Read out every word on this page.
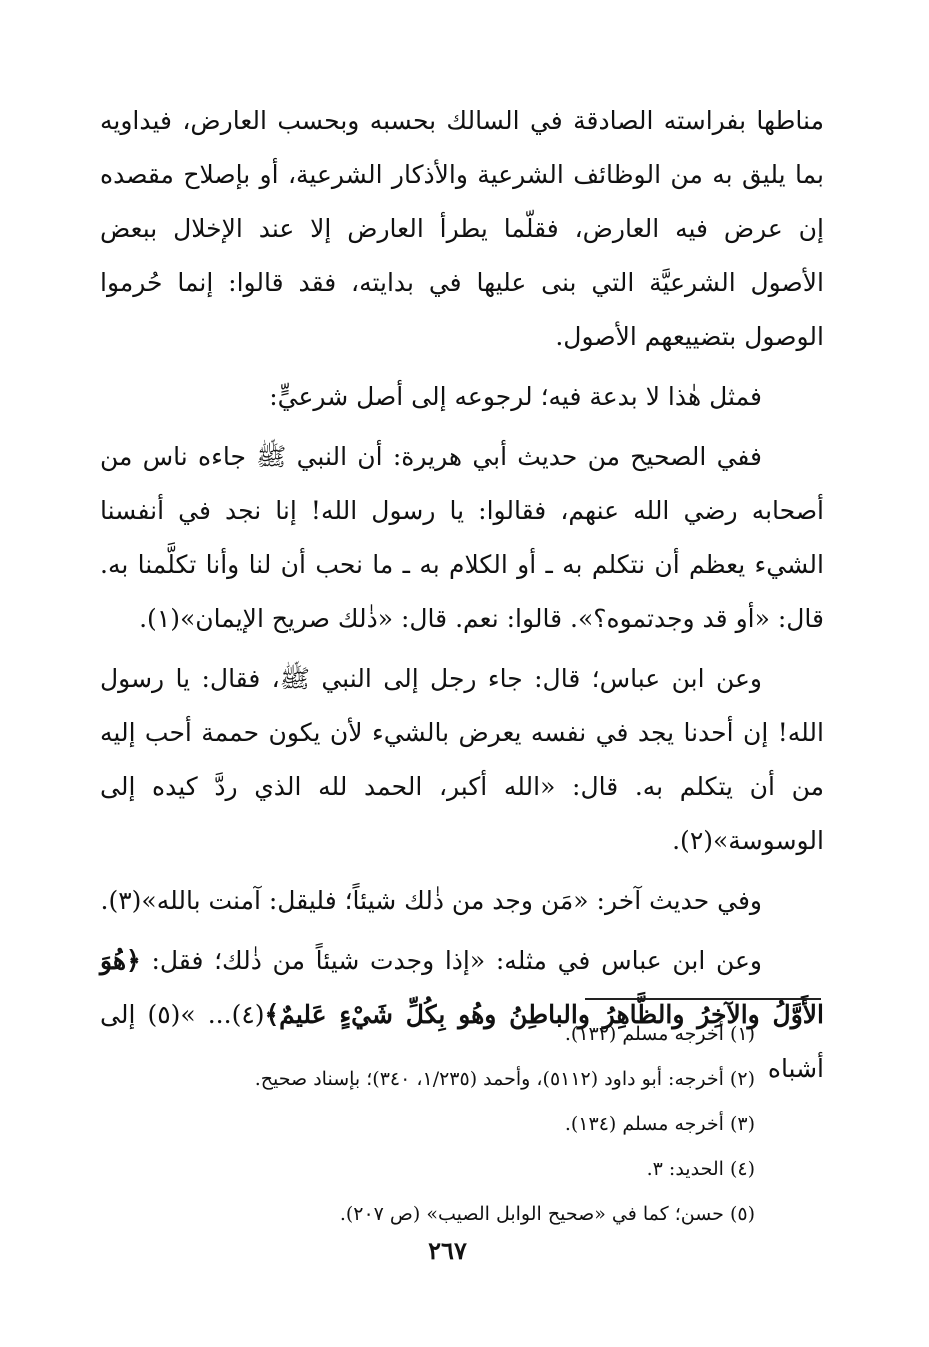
مناطها بفراسته الصادقة في السالك بحسبه وبحسب العارض، فيداويه بما يليق به من الوظائف الشرعية والأذكار الشرعية، أو بإصلاح مقصده إن عرض فيه العارض، فقلّما يطرأ العارض إلا عند الإخلال ببعض الأصول الشرعيَّة التي بنى عليها في بدايته، فقد قالوا: إنما حُرموا الوصول بتضييعهم الأصول.

فمثل هٰذا لا بدعة فيه؛ لرجوعه إلى أصل شرعيٍّ:

ففي الصحيح من حديث أبي هريرة: أن النبي ﷺ جاءه ناس من أصحابه رضي الله عنهم، فقالوا: يا رسول الله! إنا نجد في أنفسنا الشيء يعظم أن نتكلم به ـ أو الكلام به ـ ما نحب أن لنا وأنا تكلَّمنا به. قال: «أو قد وجدتموه؟». قالوا: نعم. قال: «ذٰلك صريح الإيمان»(١).

وعن ابن عباس؛ قال: جاء رجل إلى النبي ﷺ، فقال: يا رسول الله! إن أحدنا يجد في نفسه يعرض بالشيء لأن يكون حممة أحب إليه من أن يتكلم به. قال: «الله أكبر، الحمد لله الذي ردَّ كيده إلى الوسوسة»(٢).

وفي حديث آخر: «مَن وجد من ذٰلك شيئاً؛ فليقل: آمنت بالله»(٣).

وعن ابن عباس في مثله: «إذا وجدت شيئاً من ذٰلك؛ فقل: ﴿هُوَ الأَوَّلُ والآخِرُ والظَّاهِرُ والباطِنُ وهُو بِكُلِّ شَيْءٍ عَليمٌ﴾(٤)... »(٥) إلى أشباه

(١) أخرجه مسلم (١٣٢).

(٢) أخرجه: أبو داود (٥١١٢)، وأحمد (١/٢٣٥، ٣٤٠)؛ بإسناد صحيح.

(٣) أخرجه مسلم (١٣٤).

(٤) الحديد: ٣.

(٥) حسن؛ كما في «صحيح الوابل الصيب» (ص ٢٠٧).

٢٦٧
